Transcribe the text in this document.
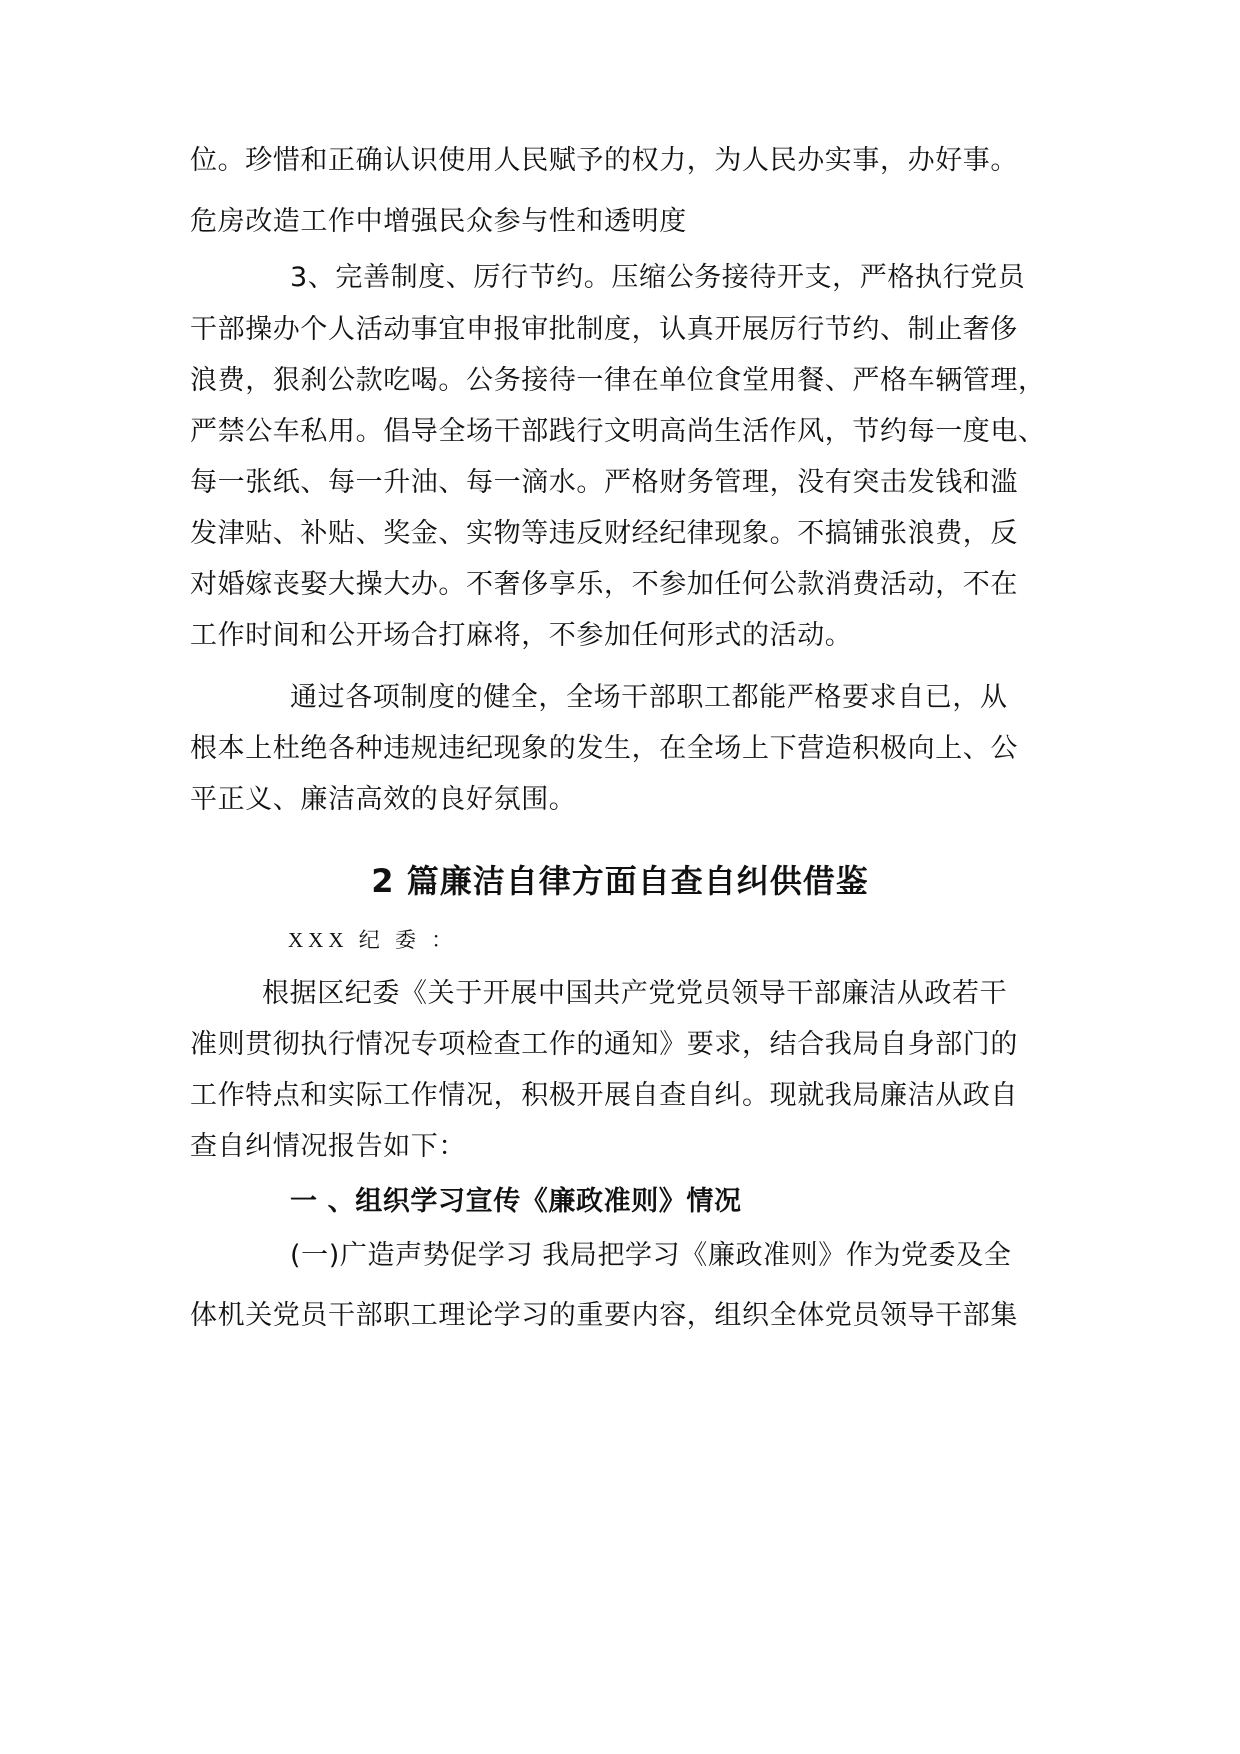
位。珍惜和正确认识使用人民赋予的权力，为人民办实事，办好事。
危房改造工作中增强民众参与性和透明度
3、完善制度、厉行节约。压缩公务接待开支，严格执行党员
干部操办个人活动事宜申报审批制度，认真开展厉行节约、制止奢侈
浪费，狠刹公款吃喝。公务接待一律在单位食堂用餐、严格车辆管理，
严禁公车私用。倡导全场干部践行文明高尚生活作风，节约每一度电、
每一张纸、每一升油、每一滴水。严格财务管理，没有突击发钱和滥
发津贴、补贴、奖金、实物等违反财经纪律现象。不搞铺张浪费，反
对婚嫁丧娶大操大办。不奢侈享乐，不参加任何公款消费活动，不在
工作时间和公开场合打麻将，不参加任何形式的活动。
通过各项制度的健全，全场干部职工都能严格要求自已，从
根本上杜绝各种违规违纪现象的发生，在全场上下营造积极向上、公
平正义、廉洁高效的良好氛围。
2 篇廉洁自律方面自查自纠供借鉴
XXX 纪 委 ：
根据区纪委《关于开展中国共产党党员领导干部廉洁从政若干
准则贯彻执行情况专项检查工作的通知》要求，结合我局自身部门的
工作特点和实际工作情况，积极开展自查自纠。现就我局廉洁从政自
查自纠情况报告如下：
一 、组织学习宣传《廉政准则》情况
(一)广造声势促学习 我局把学习《廉政准则》作为党委及全
体机关党员干部职工理论学习的重要内容，组织全体党员领导干部集
